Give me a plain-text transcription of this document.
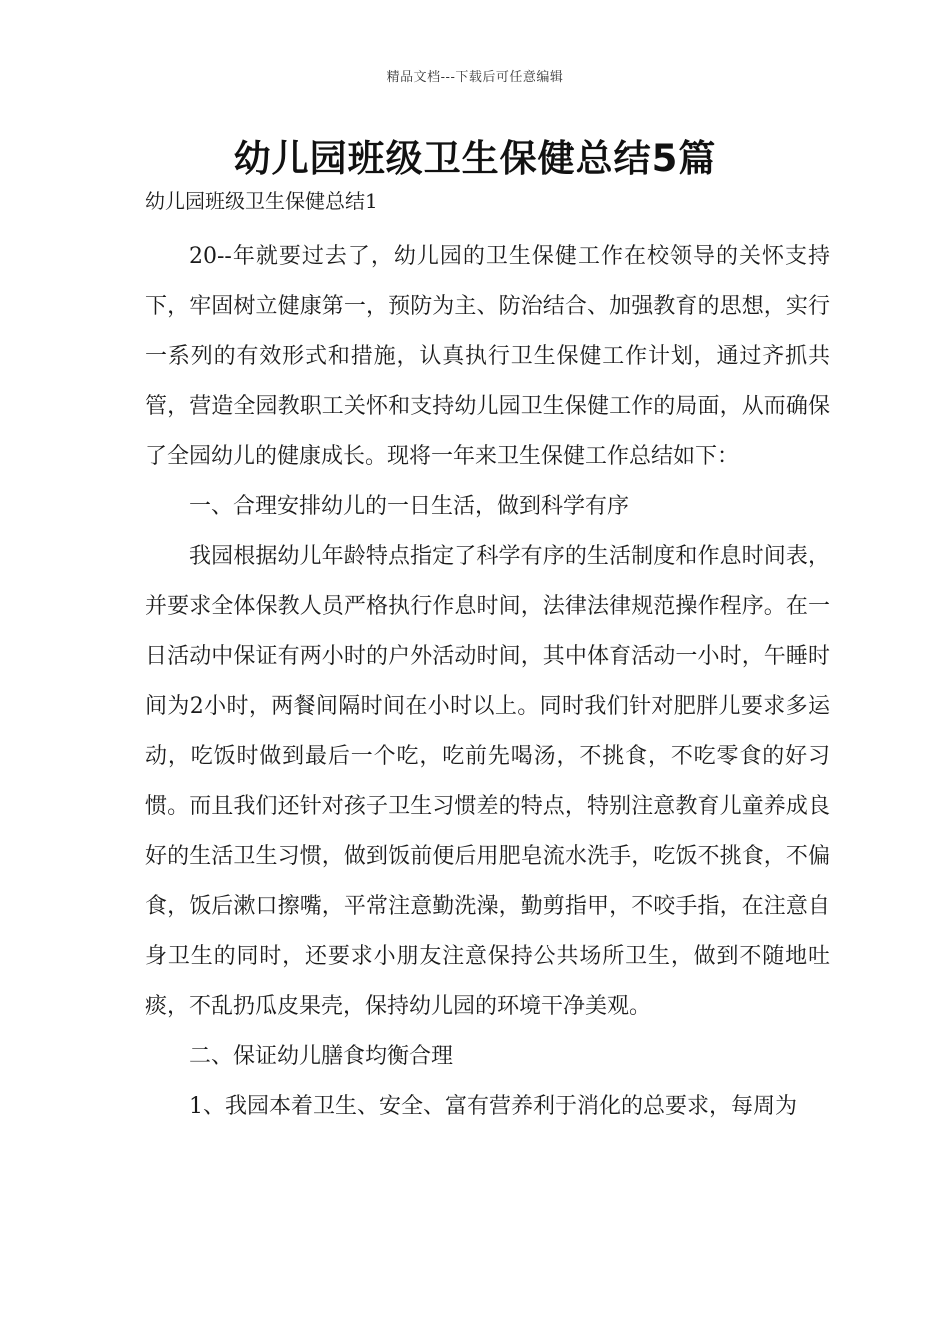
精品文档---下载后可任意编辑
幼儿园班级卫生保健总结5篇
幼儿园班级卫生保健总结1

20--年就要过去了，幼儿园的卫生保健工作在校领导的关怀支持下，牢固树立健康第一，预防为主、防治结合、加强教育的思想，实行一系列的有效形式和措施，认真执行卫生保健工作计划，通过齐抓共管，营造全园教职工关怀和支持幼儿园卫生保健工作的局面，从而确保了全园幼儿的健康成长。现将一年来卫生保健工作总结如下：

一、合理安排幼儿的一日生活，做到科学有序

我园根据幼儿年龄特点指定了科学有序的生活制度和作息时间表，并要求全体保教人员严格执行作息时间，法律法律规范操作程序。在一日活动中保证有两小时的户外活动时间，其中体育活动一小时，午睡时间为2小时，两餐间隔时间在小时以上。同时我们针对肥胖儿要求多运动，吃饭时做到最后一个吃，吃前先喝汤，不挑食，不吃零食的好习惯。而且我们还针对孩子卫生习惯差的特点，特别注意教育儿童养成良好的生活卫生习惯，做到饭前便后用肥皂流水洗手，吃饭不挑食，不偏食，饭后漱口擦嘴，平常注意勤洗澡，勤剪指甲，不咬手指，在注意自身卫生的同时，还要求小朋友注意保持公共场所卫生，做到不随地吐痰，不乱扔瓜皮果壳，保持幼儿园的环境干净美观。

二、保证幼儿膳食均衡合理

1、我园本着卫生、安全、富有营养利于消化的总要求，每周为
